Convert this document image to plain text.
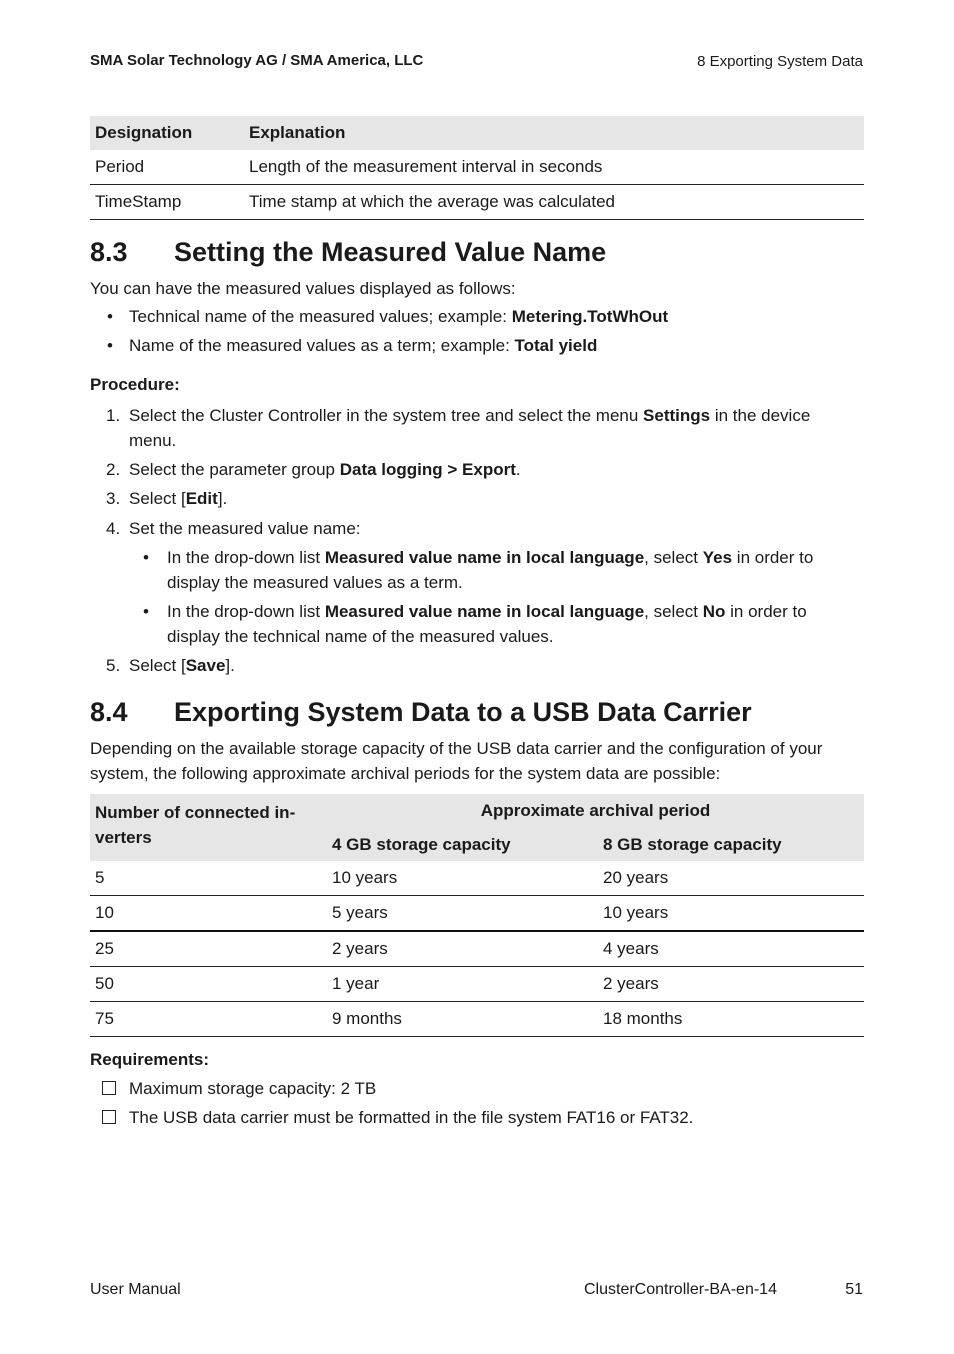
SMA Solar Technology AG / SMA America, LLC	8 Exporting System Data
Designation	Explanation
Period	Length of the measurement interval in seconds
TimeStamp	Time stamp at which the average was calculated
8.3 Setting the Measured Value Name
You can have the measured values displayed as follows:
• Technical name of the measured values; example: Metering.TotWhOut
• Name of the measured values as a term; example: Total yield
Procedure:
1. Select the Cluster Controller in the system tree and select the menu Settings in the device
menu.
2. Select the parameter group Data logging > Export.
3. Select [Edit].
4. Set the measured value name:
• In the drop-down list Measured value name in local language, select Yes in order to
display the measured values as a term.
• In the drop-down list Measured value name in local language, select No in order to
display the technical name of the measured values.
5. Select [Save].
8.4 Exporting System Data to a USB Data Carrier
Depending on the available storage capacity of the USB data carrier and the configuration of your
system, the following approximate archival periods for the system data are possible:
Number of connected in-
verters	Approximate archival period	
	4 GB storage capacity	8 GB storage capacity
5	10 years	20 years
10	5 years	10 years
25	2 years	4 years
50	1 year	2 years
75	9 months	18 months
Requirements:
Maximum storage capacity: 2 TB
The USB data carrier must be formatted in the file system FAT16 or FAT32.
User Manual	ClusterController-BA-en-14	51
